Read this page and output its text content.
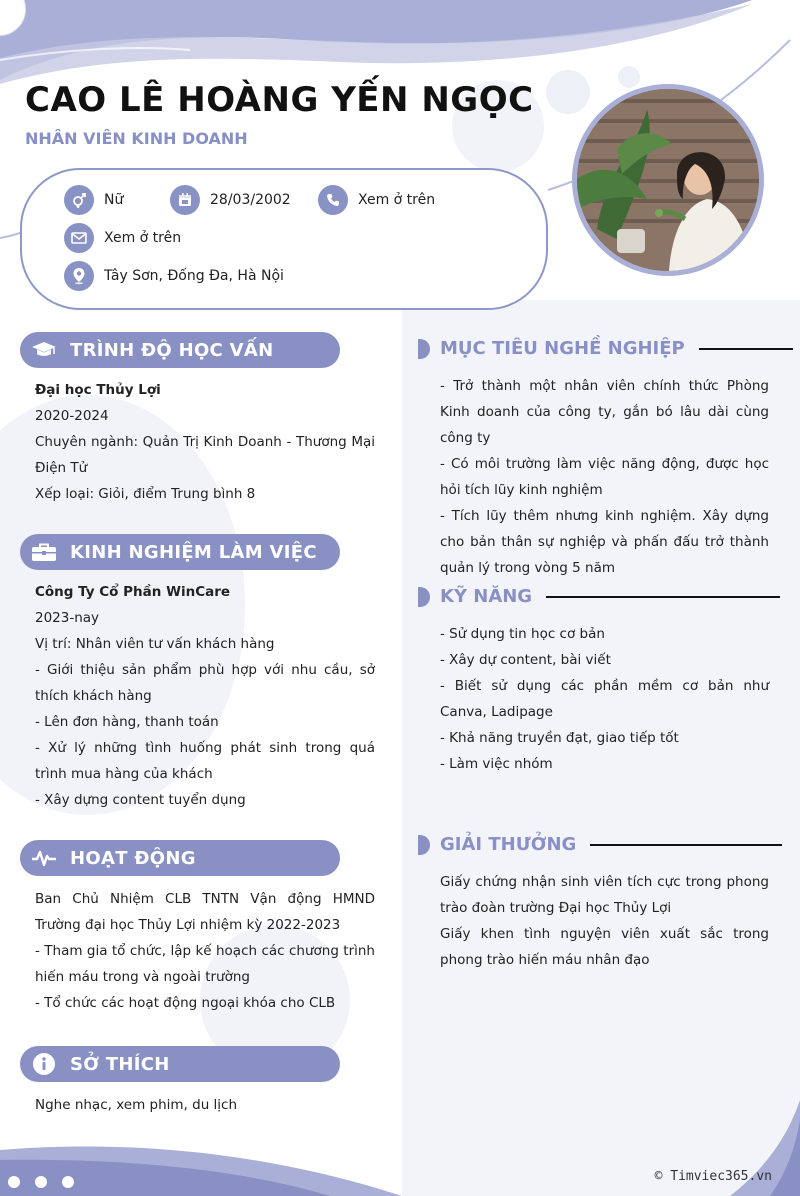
CAO LÊ HOÀNG YẾN NGỌC
NHÂN VIÊN KINH DOANH
Nữ	28/03/2002	Xem ở trên
Xem ở trên
Tây Sơn, Đống Đa, Hà Nội
TRÌNH ĐỘ HỌC VẤN
Đại học Thủy Lợi
2020-2024

Chuyên ngành: Quản Trị Kinh Doanh - Thương Mại Điện Tử

Xếp loại: Giỏi, điểm Trung bình 8
KINH NGHIỆM LÀM VIỆC
Công Ty Cổ Phần WinCare
2023-nay
Vị trí: Nhân viên tư vấn khách hàng

- Giới thiệu sản phẩm phù hợp với nhu cầu, sở thích khách hàng

- Lên đơn hàng, thanh toán

- Xử lý những tình huống phát sinh trong quá trình mua hàng của khách

- Xây dựng content tuyển dụng

HOẠT ĐỘNG

Ban Chủ Nhiệm CLB TNTN Vận động HMND Trường đại học Thủy Lợi nhiệm kỳ 2022-2023

- Tham gia tổ chức, lập kế hoạch các chương trình hiến máu trong và ngoài trường

- Tổ chức các hoạt động ngoại khóa cho CLB

SỞ THÍCH
Nghe nhạc, xem phim, du lịch
MỤC TIÊU NGHỀ NGHIỆP

- Trở thành một nhân viên chính thức Phòng Kinh doanh của công ty, gắn bó lâu dài cùng công ty

- Có môi trường làm việc năng động, được học hỏi tích lũy kinh nghiệm

- Tích lũy thêm nhưng kinh nghiệm. Xây dựng cho bản thân sự nghiệp và phấn đấu trở thành quản lý trong vòng 5 năm

KỸ NĂNG

- Sử dụng tin học cơ bản

- Xây dự content, bài viết

- Biết sử dụng các phần mềm cơ bản như Canva, Ladipage

- Khả năng truyền đạt, giao tiếp tốt

- Làm việc nhóm

GIẢI THƯỞNG

Giấy chứng nhận sinh viên tích cực trong phong trào đoàn trường Đại học Thủy Lợi

Giấy khen tình nguyện viên xuất sắc trong phong trào hiến máu nhân đạo

© Timviec365.vn
